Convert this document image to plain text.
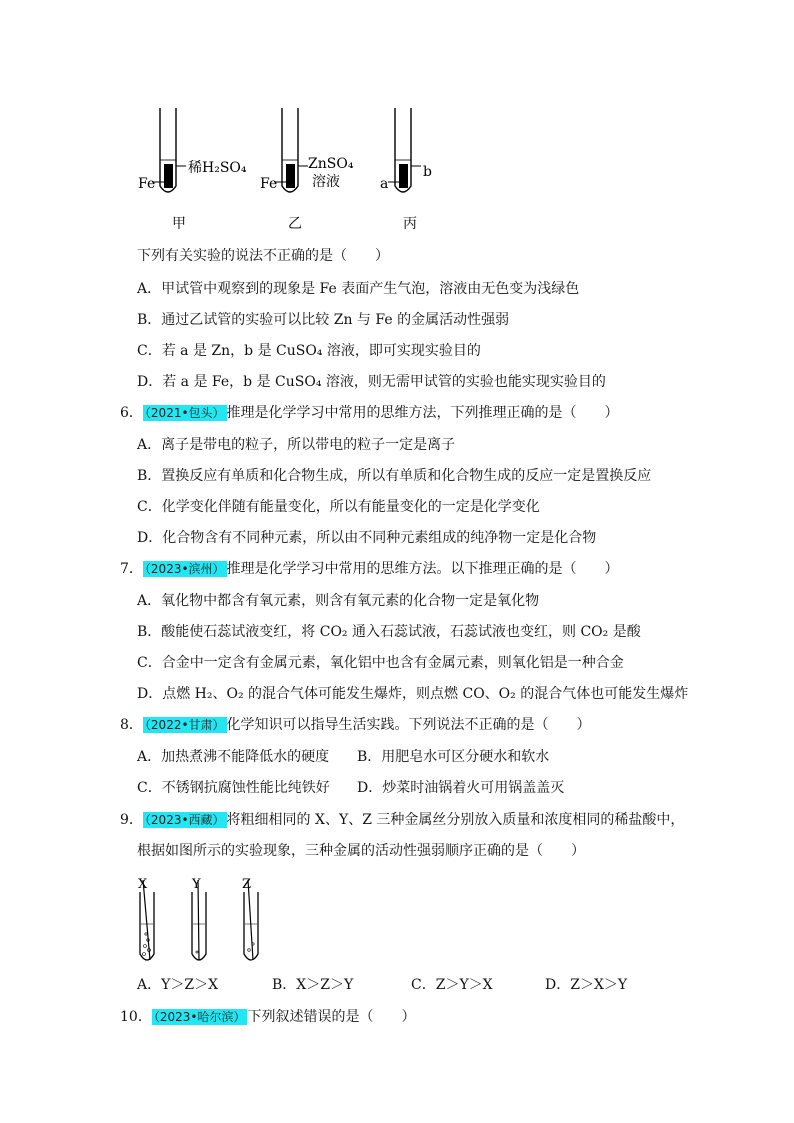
Fe
稀H₂SO₄
甲
Fe
ZnSO₄
溶液
乙
a
b
丙
下列有关实验的说法不正确的是（　　）
A．甲试管中观察到的现象是 Fe 表面产生气泡，溶液由无色变为浅绿色
B．通过乙试管的实验可以比较 Zn 与 Fe 的金属活动性强弱
C．若 a 是 Zn，b 是 CuSO₄ 溶液，即可实现实验目的
D．若 a 是 Fe，b 是 CuSO₄ 溶液，则无需甲试管的实验也能实现实验目的
6． （2021•包头） 推理是化学学习中常用的思维方法，下列推理正确的是（　　）
A．离子是带电的粒子，所以带电的粒子一定是离子
B．置换反应有单质和化合物生成，所以有单质和化合物生成的反应一定是置换反应
C．化学变化伴随有能量变化，所以有能量变化的一定是化学变化
D．化合物含有不同种元素，所以由不同种元素组成的纯净物一定是化合物
7． （2023•滨州） 推理是化学学习中常用的思维方法。以下推理正确的是（　　）
A．氧化物中都含有氧元素，则含有氧元素的化合物一定是氧化物
B．酸能使石蕊试液变红，将 CO₂ 通入石蕊试液，石蕊试液也变红，则 CO₂ 是酸
C．合金中一定含有金属元素，氧化铝中也含有金属元素，则氧化铝是一种合金
D．点燃 H₂、O₂ 的混合气体可能发生爆炸，则点燃 CO、O₂ 的混合气体也可能发生爆炸
8． （2022•甘肃） 化学知识可以指导生活实践。下列说法不正确的是（　　）
A．加热煮沸不能降低水的硬度 B．用肥皂水可区分硬水和软水
C．不锈钢抗腐蚀性能比纯铁好 D．炒菜时油锅着火可用锅盖盖灭
9． （2023•西藏） 将粗细相同的 X、Y、Z 三种金属丝分别放入质量和浓度相同的稀盐酸中，
根据如图所示的实验现象，三种金属的活动性强弱顺序正确的是（　　）
X	Y	Z
A．Y＞Z＞X	B．X＞Z＞Y	C．Z＞Y＞X	D．Z＞X＞Y
10． （2023•哈尔滨） 下列叙述错误的是（　　）
